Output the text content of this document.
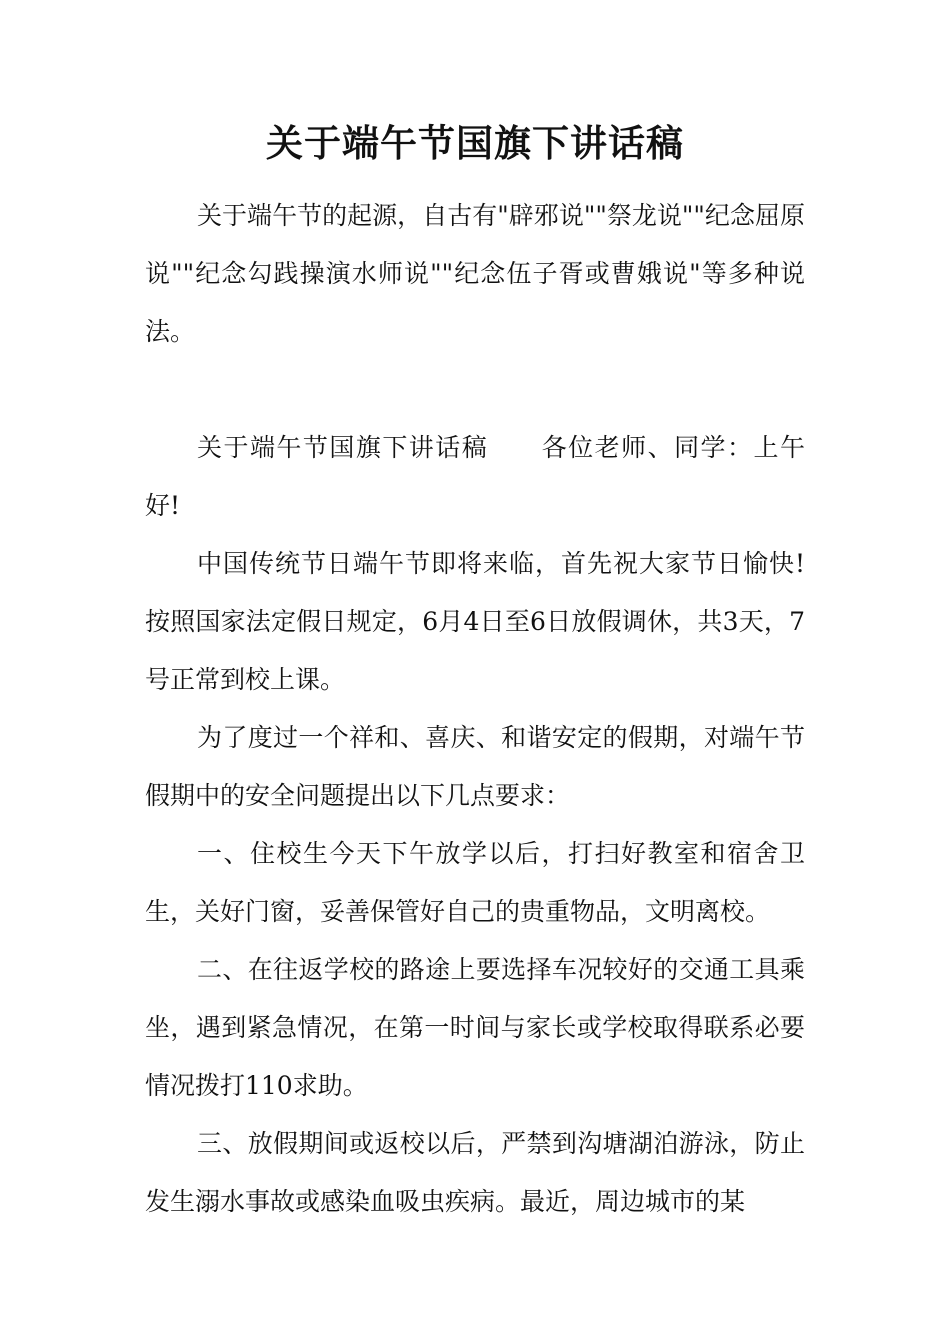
关于端午节国旗下讲话稿

关于端午节的起源，自古有"辟邪说""祭龙说""纪念屈原说""纪念勾践操演水师说""纪念伍子胥或曹娥说"等多种说法。

关于端午节国旗下讲话稿 各位老师、同学：上午好!

中国传统节日端午节即将来临，首先祝大家节日愉快!按照国家法定假日规定，6月4日至6日放假调休，共3天，7号正常到校上课。

为了度过一个祥和、喜庆、和谐安定的假期，对端午节假期中的安全问题提出以下几点要求：

一、住校生今天下午放学以后，打扫好教室和宿舍卫生，关好门窗，妥善保管好自己的贵重物品，文明离校。

二、在往返学校的路途上要选择车况较好的交通工具乘坐，遇到紧急情况，在第一时间与家长或学校取得联系必要情况拨打110求助。

三、放假期间或返校以后，严禁到沟塘湖泊游泳，防止发生溺水事故或感染血吸虫疾病。最近，周边城市的某
